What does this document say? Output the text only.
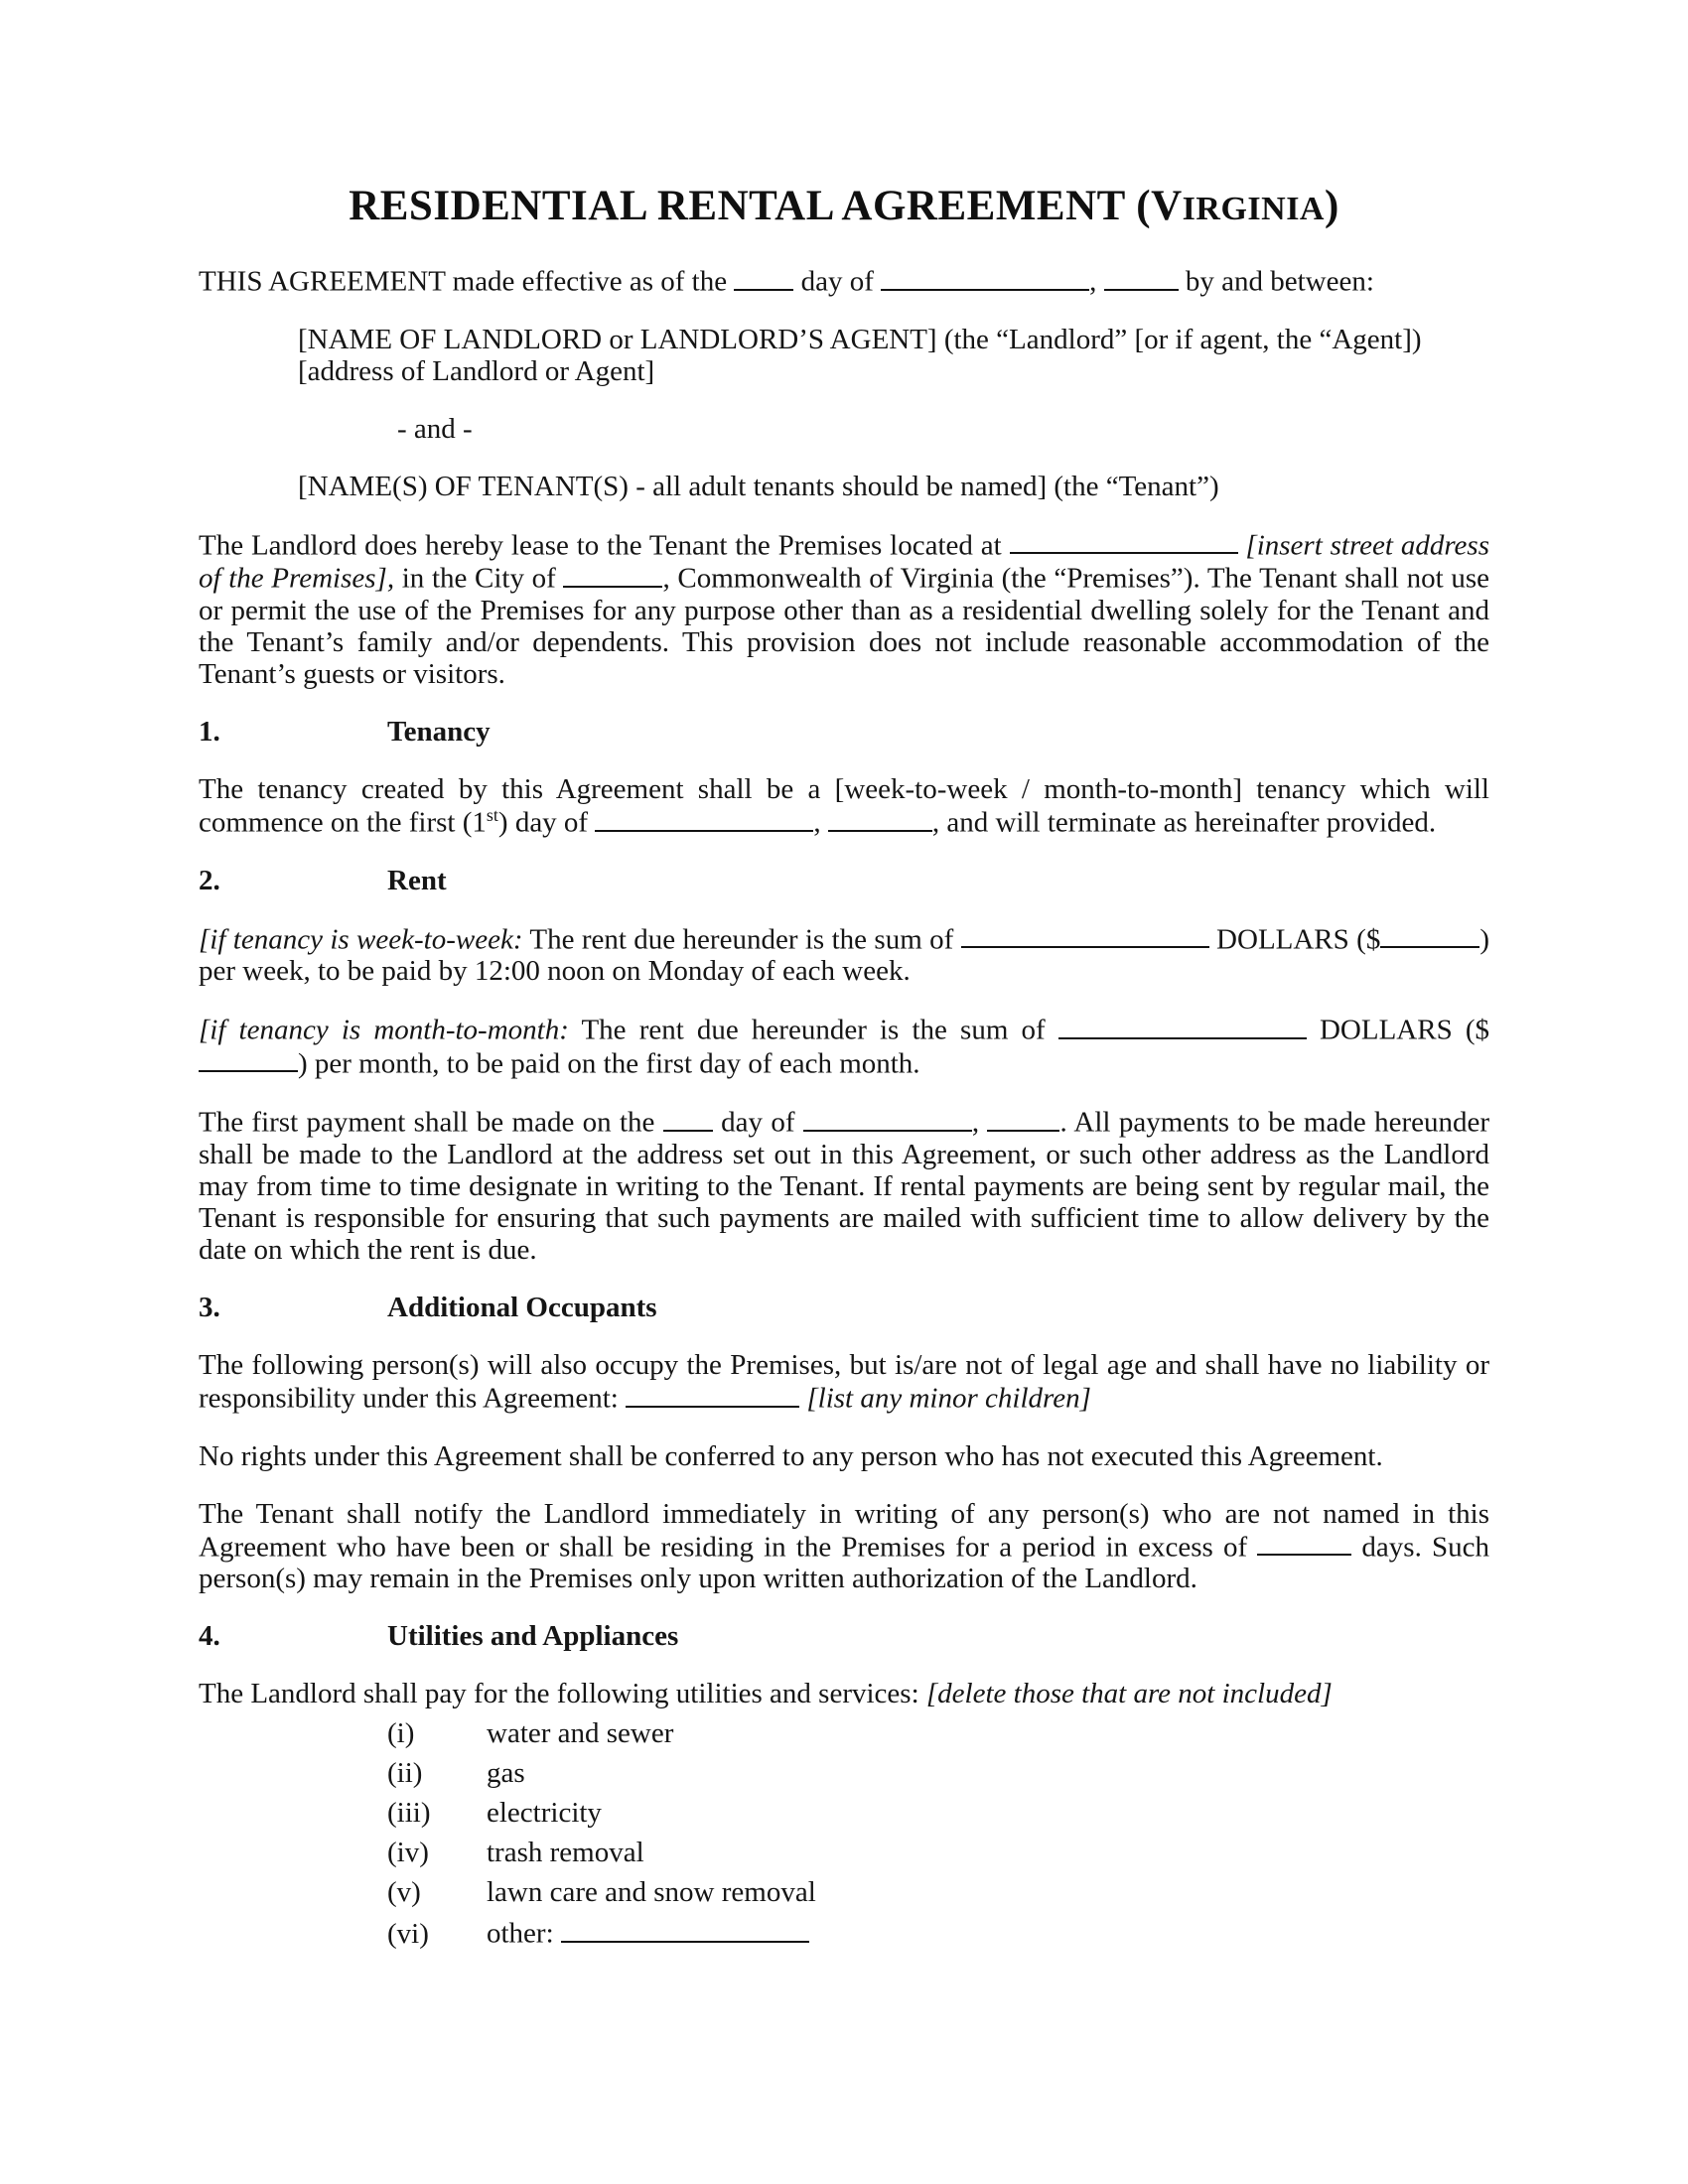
RESIDENTIAL RENTAL AGREEMENT (VIRGINIA)
THIS AGREEMENT made effective as of the  day of	,	by and between:
[NAME OF LANDLORD or LANDLORD’S AGENT] (the “Landlord” [or if agent, the “Agent])
[address of Landlord or Agent]
- and -
[NAME(S) OF TENANT(S) - all adult tenants should be named] (the “Tenant”)
The Landlord does hereby lease to the Tenant the Premises located at	[insert street address of the Premises], in the City of	, Commonwealth of Virginia (the “Premises”). The Tenant shall not use or permit the use of the Premises for any purpose other than as a residential dwelling solely for the Tenant and the Tenant’s family and/or dependents. This provision does not include reasonable accommodation of the Tenant’s guests or visitors.
1.	Tenancy
The tenancy created by this Agreement shall be a [week-to-week / month-to-month] tenancy which will commence on the first (1st) day of	,	, and will terminate as hereinafter provided.
2.	Rent
[if tenancy is week-to-week: The rent due hereunder is the sum of	DOLLARS ($	) per week, to be paid by 12:00 noon on Monday of each week.
[if tenancy is month-to-month: The rent due hereunder is the sum of	DOLLARS ($) per month, to be paid on the first day of each month.
The first payment shall be made on the  day of	,	. All payments to be made hereunder shall be made to the Landlord at the address set out in this Agreement, or such other address as the Landlord may from time to time designate in writing to the Tenant. If rental payments are being sent by regular mail, the Tenant is responsible for ensuring that such payments are mailed with sufficient time to allow delivery by the date on which the rent is due.
3.	Additional Occupants
The following person(s) will also occupy the Premises, but is/are not of legal age and shall have no liability or responsibility under this Agreement:	[list any minor children]
No rights under this Agreement shall be conferred to any person who has not executed this Agreement.
The Tenant shall notify the Landlord immediately in writing of any person(s) who are not named in this Agreement who have been or shall be residing in the Premises for a period in excess of	days. Such person(s) may remain in the Premises only upon written authorization of the Landlord.
4.	Utilities and Appliances
The Landlord shall pay for the following utilities and services: [delete those that are not included]
(i)	water and sewer
(ii) gas
(iii) electricity
(iv) trash removal
(v) lawn care and snow removal
(vi) other:
